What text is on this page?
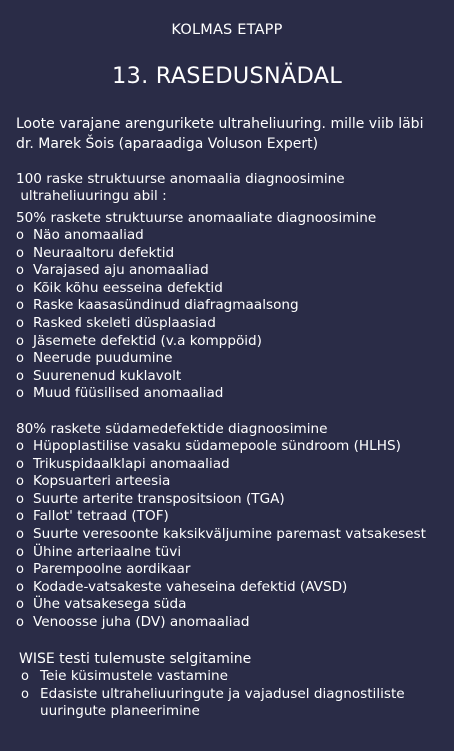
KOLMAS ETAPP
13. RASEDUSNÄDAL
Loote varajane arengurikete ultraheliuuring. mille viib läbi
dr. Marek Šois (aparaadiga Voluson Expert)
100 raske struktuurse anomaalia diagnoosimine
ultraheliuuringu abil :
50% raskete struktuurse anomaaliate diagnoosimine
o Näo anomaaliad
o Neuraaltoru defektid
o Varajased aju anomaaliad
o Kõik kõhu eesseina defektid
o Raske kaasasündinud diafragmaalsong
o Rasked skeleti düsplaasiad
o Jäsemete defektid (v.a komppöid)
o Neerude puudumine
o Suurenenud kuklavolt
o Muud füüsilised anomaaliad
80% raskete südamedefektide diagnoosimine
o Hüpoplastilise vasaku südamepoole sündroom (HLHS)
o Trikuspidaalklapi anomaaliad
o Kopsuarteri arteesia
o Suurte arterite transpositsioon (TGA)
o Fallot' tetraad (TOF)
o Suurte veresoonte kaksikväljumine paremast vatsakesest
o Ühine arteriaalne tüvi
o Parempoolne aordikaar
o Kodade-vatsakeste vaheseina defektid (AVSD)
o Ühe vatsakesega süda
o Venoosse juha (DV) anomaaliad
WISE testi tulemuste selgitamine
o Teie küsimustele vastamine
o Edasiste ultraheliuuringute ja vajadusel diagnostiliste uuringute planeerimine
